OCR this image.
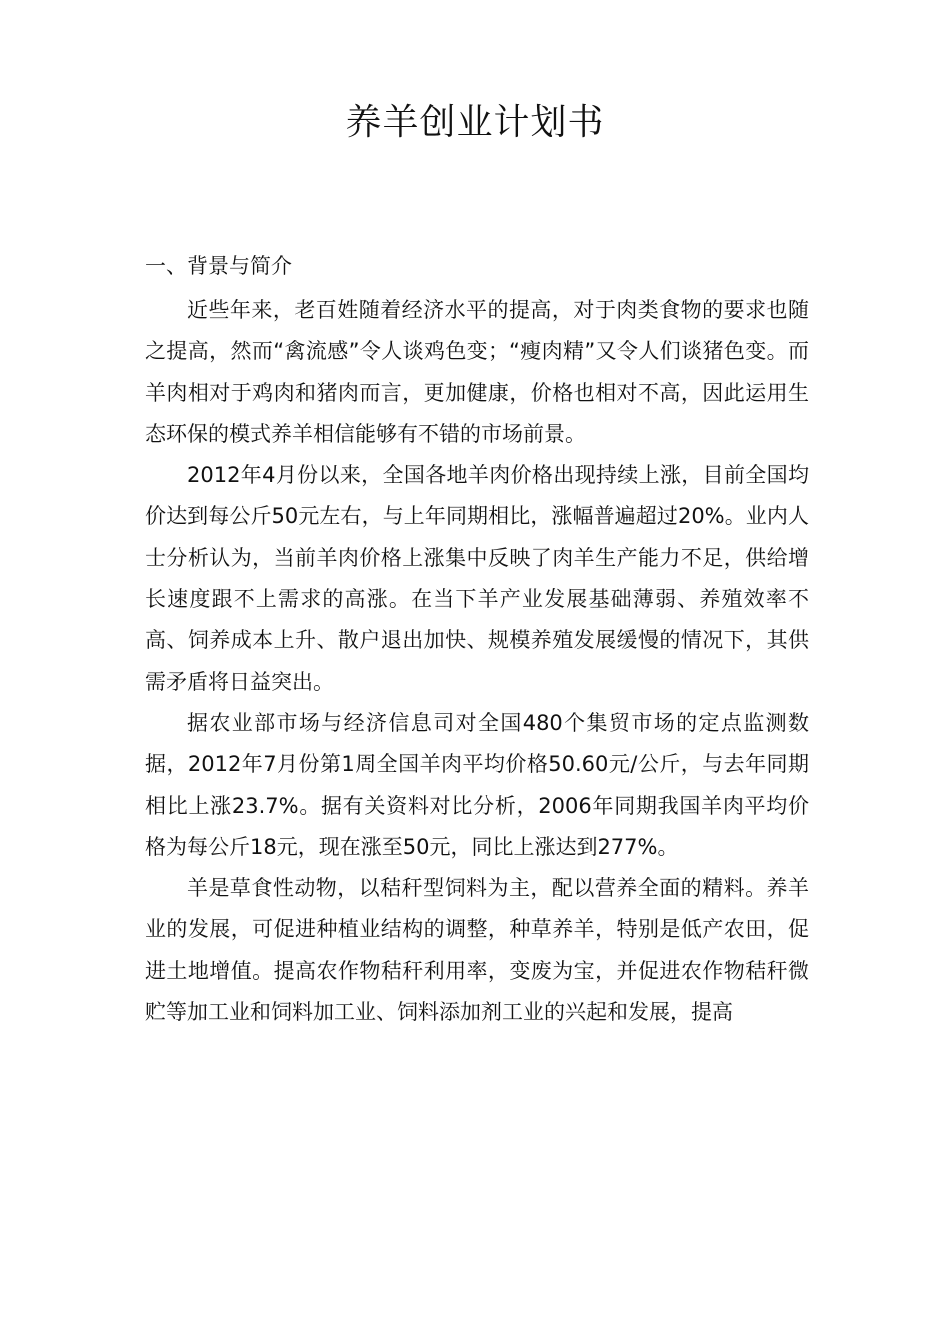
养羊创业计划书
一、背景与简介

近些年来，老百姓随着经济水平的提高，对于肉类食物的要求也随之提高，然而“禽流感”令人谈鸡色变；“瘦肉精”又令人们谈猪色变。而羊肉相对于鸡肉和猪肉而言，更加健康，价格也相对不高，因此运用生态环保的模式养羊相信能够有不错的市场前景。

2012年4月份以来，全国各地羊肉价格出现持续上涨，目前全国均价达到每公斤50元左右，与上年同期相比，涨幅普遍超过20%。业内人士分析认为，当前羊肉价格上涨集中反映了肉羊生产能力不足，供给增长速度跟不上需求的高涨。在当下羊产业发展基础薄弱、养殖效率不高、饲养成本上升、散户退出加快、规模养殖发展缓慢的情况下，其供需矛盾将日益突出。

据农业部市场与经济信息司对全国480个集贸市场的定点监测数据，2012年7月份第1周全国羊肉平均价格50.60元/公斤，与去年同期相比上涨23.7%。据有关资料对比分析，2006年同期我国羊肉平均价格为每公斤18元，现在涨至50元，同比上涨达到277%。

羊是草食性动物，以秸秆型饲料为主，配以营养全面的精料。养羊业的发展，可促进种植业结构的调整，种草养羊，特别是低产农田，促进土地增值。提高农作物秸秆利用率，变废为宝，并促进农作物秸秆微贮等加工业和饲料加工业、饲料添加剂工业的兴起和发展，提高
